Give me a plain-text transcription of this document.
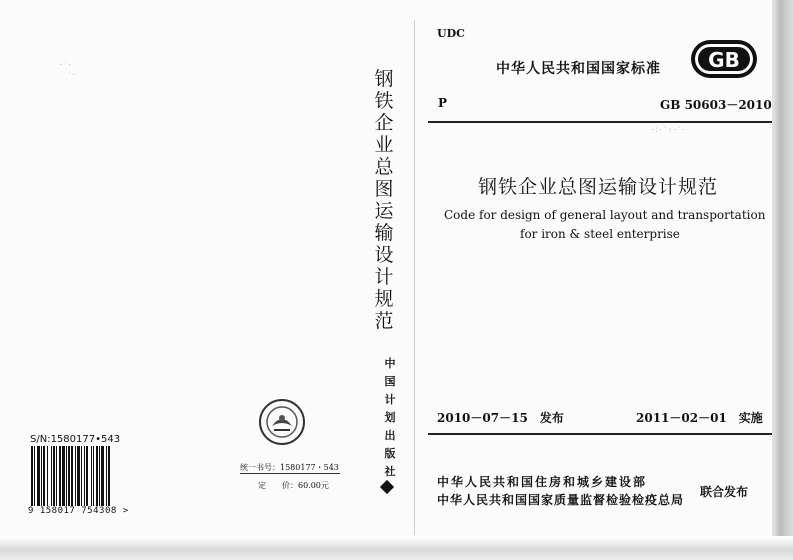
UDC
中华人民共和国国家标准 GB
P	GB 50603－2010
· ⁚ · ˙ ⁖ · ˙ ·
钢铁企业总图运输设计规范
Code for design of general layout and transportation
for iron & steel enterprise
2010－07－15　发布	2011－02－01　实施
中华人民共和国住房和城乡建设部
中华人民共和国国家质量监督检验检疫总局
联合发布
钢铁企业总图运输设计规范
中国计划出版社
· ˙ ·
˙ ·
统一书号：1580177・543
定　　价：60.00元
S/N:1580177•543
9 158017 754308 >
